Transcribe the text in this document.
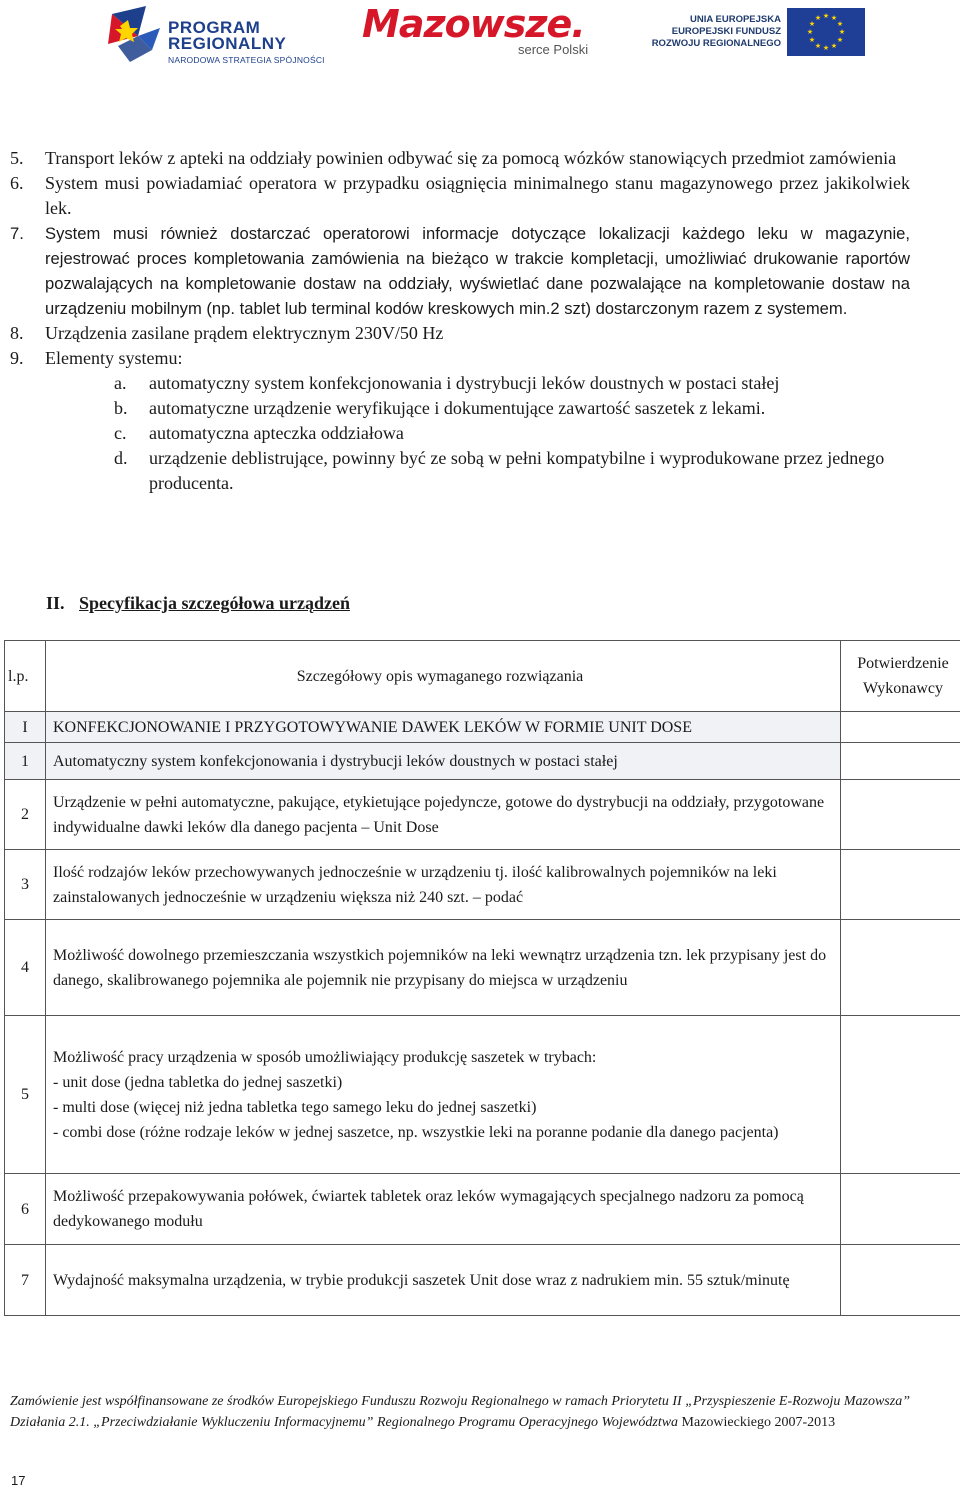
PROGRAM
REGIONALNY
NARODOWA STRATEGIA SPÓJNOŚCI
Mazowsze.
serce Polski
UNIA EUROPEJSKA
EUROPEJSKI FUNDUSZ
ROZWOJU REGIONALNEGO
★ ★
★
★
★
★
★
★
★
★
★
★
5. Transport leków z apteki na oddziały powinien odbywać się za pomocą wózków stanowiących przedmiot zamówienia
6. System musi powiadamiać operatora w przypadku osiągnięcia minimalnego stanu magazynowego przez jakikolwiek lek.
7. System musi również dostarczać operatorowi informacje dotyczące lokalizacji każdego leku w magazynie, rejestrować proces kompletowania zamówienia na bieżąco w trakcie kompletacji, umożliwiać drukowanie raportów pozwalających na kompletowanie dostaw na oddziały, wyświetlać dane pozwalające na kompletowanie dostaw na urządzeniu mobilnym (np. tablet lub terminal kodów kreskowych min.2 szt) dostarczonym razem z systemem.
8. Urządzenia zasilane prądem elektrycznym 230V/50 Hz
9. Elementy systemu:
a. automatyczny system konfekcjonowania i dystrybucji leków doustnych w postaci stałej
b. automatyczne urządzenie weryfikujące i dokumentujące zawartość saszetek z lekami.
c. automatyczna apteczka oddziałowa
d. urządzenie deblistrujące, powinny być ze sobą w pełni kompatybilne i wyprodukowane przez jednego producenta.
II. Specyfikacja szczegółowa urządzeń
l.p.	Szczegółowy opis wymaganego rozwiązania	Potwierdzenie
Wykonawcy

I	KONFEKCJONOWANIE I PRZYGOTOWYWANIE DAWEK LEKÓW W FORMIE UNIT DOSE	
1	Automatyczny system konfekcjonowania i dystrybucji leków doustnych w postaci stałej	
2	Urządzenie w pełni automatyczne, pakujące, etykietujące pojedyncze, gotowe do dystrybucji na oddziały, przygotowane indywidualne dawki leków dla danego pacjenta – Unit Dose	

3	Ilość rodzajów leków przechowywanych jednocześnie w urządzeniu tj. ilość kalibrowalnych pojemników na leki zainstalowanych jednocześnie w urządzeniu większa niż 240 szt. – podać	

4	Możliwość dowolnego przemieszczania wszystkich pojemników na leki wewnątrz urządzenia tzn. lek przypisany jest do danego, skalibrowanego pojemnika ale pojemnik nie przypisany do miejsca w urządzeniu	

5	Możliwość pracy urządzenia w sposób umożliwiający produkcję saszetek w trybach:
- unit dose (jedna tabletka do jednej saszetki)
- multi dose (więcej niż jedna tabletka tego samego leku do jednej saszetki)
- combi dose (różne rodzaje leków w jednej saszetce, np. wszystkie leki na poranne podanie dla danego pacjenta)	

6	Możliwość przepakowywania połówek, ćwiartek tabletek oraz leków wymagających specjalnego nadzoru za pomocą dedykowanego modułu	

7	Wydajność maksymalna urządzenia, w trybie produkcji saszetek Unit dose wraz z nadrukiem min. 55 sztuk/minutę	

Zamówienie jest współfinansowane ze środków Europejskiego Funduszu Rozwoju Regionalnego w ramach Priorytetu II „Przyspieszenie E-Rozwoju Mazowsza” Działania 2.1. „Przeciwdziałanie Wykluczeniu Informacyjnemu” Regionalnego Programu Operacyjnego Województwa Mazowieckiego 2007-2013
17
